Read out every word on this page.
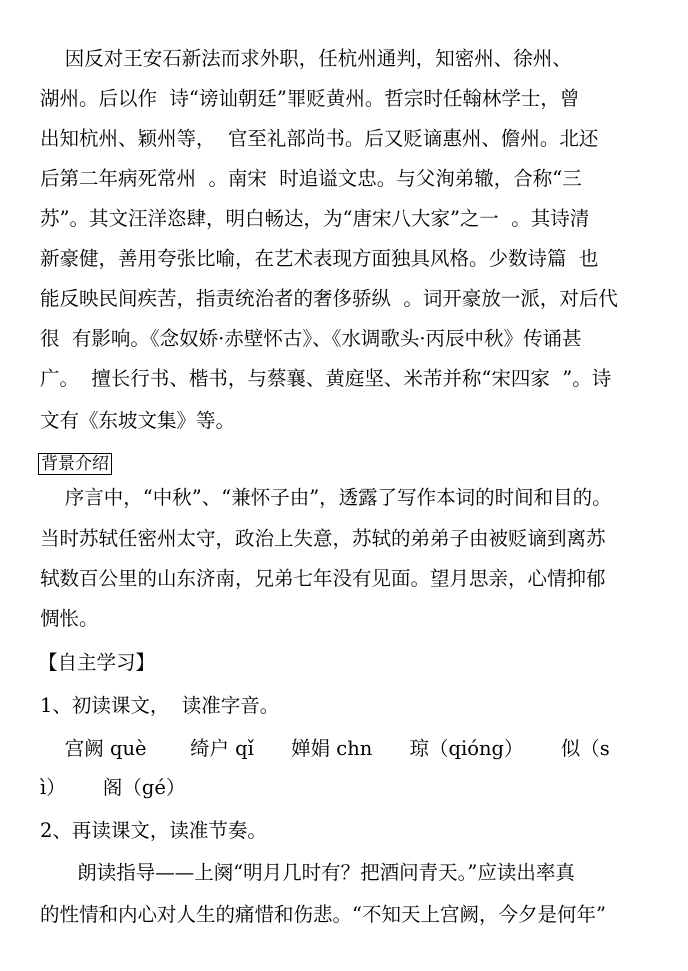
因反对王安石新法而求外职，任杭州通判，知密州、徐州、
湖州。后以作  诗“谤讪朝廷”罪贬黄州。哲宗时任翰林学士，曾
出知杭州、颖州等，  官至礼部尚书。后又贬谪惠州、儋州。北还
后第二年病死常州  。南宋  时追谥文忠。与父洵弟辙，合称“三
苏”。其文汪洋恣肆，明白畅达，为“唐宋八大家”之一  。其诗清
新豪健，善用夸张比喻，在艺术表现方面独具风格。少数诗篇  也
能反映民间疾苦，指责统治者的奢侈骄纵  。词开豪放一派，对后代
很  有影响。《念奴娇·赤壁怀古》、《水调歌头·丙辰中秋》传诵甚
广。  擅长行书、楷书，与蔡襄、黄庭坚、米芾并称“宋四家  ”。诗
文有《东坡文集》等。
背景介绍
序言中，“中秋”、“兼怀子由”，透露了写作本词的时间和目的。
当时苏轼任密州太守，政治上失意，苏轼的弟弟子由被贬谪到离苏
轼数百公里的山东济南，兄弟七年没有见面。望月思亲，心情抑郁
惆怅。
【自主学习】
1、初读课文，  读准字音。
宫阙 què       绮户 qǐ      婵娟 chn      琼（qióng）      似（s
ì）      阁（gé）
2、再读课文，读准节奏。
朗读指导——上阕“明月几时有？把酒问青天。”应读出率真
的性情和内心对人生的痛惜和伤悲。“不知天上宫阙，今夕是何年”
